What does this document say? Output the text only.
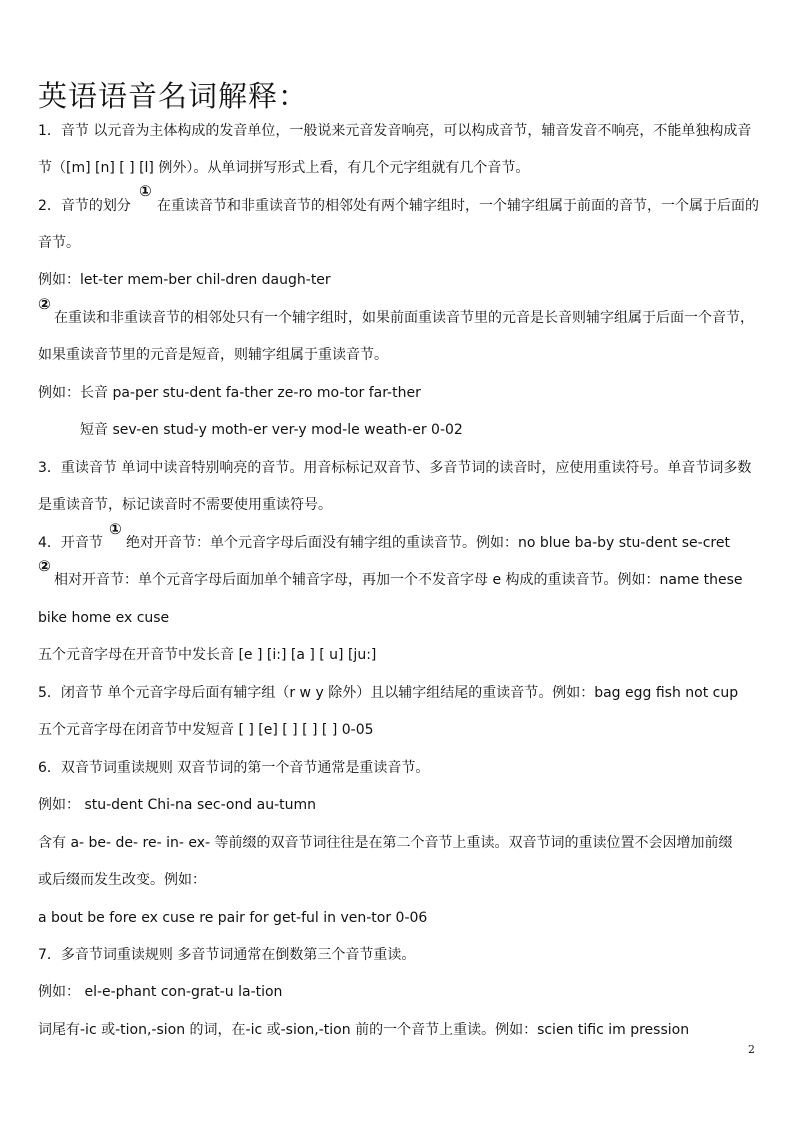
英语语音名词解释：
1．音节 以元音为主体构成的发音单位，一般说来元音发音响亮，可以构成音节，辅音发音不响亮，不能单独构成音
节（[m] [n] [ ] [l] 例外）。从单词拼写形式上看，有几个元字组就有几个音节。
2．音节的划分
①
在重读音节和非重读音节的相邻处有两个辅字组时，一个辅字组属于前面的音节，一个属于后面的
音节。
例如：let-ter mem-ber chil-dren daugh-ter
②
在重读和非重读音节的相邻处只有一个辅字组时，如果前面重读音节里的元音是长音则辅字组属于后面一个音节，
如果重读音节里的元音是短音，则辅字组属于重读音节。
例如：长音 pa-per stu-dent fa-ther ze-ro mo-tor far-ther
短音 sev-en stud-y moth-er ver-y mod-le weath-er 0-02
3．重读音节 单词中读音特别响亮的音节。用音标标记双音节、多音节词的读音时，应使用重读符号。单音节词多数
是重读音节，标记读音时不需要使用重读符号。
4．开音节
①
绝对开音节：单个元音字母后面没有辅字组的重读音节。例如：no blue ba-by stu-dent se-cret
②
相对开音节：单个元音字母后面加单个辅音字母，再加一个不发音字母 e 构成的重读音节。例如：name these
bike home ex cuse
五个元音字母在开音节中发长音 [e ] [i:] [a ] [ u] [ju:]
5．闭音节 单个元音字母后面有辅字组（r w y 除外）且以辅字组结尾的重读音节。例如：bag egg fish not cup
五个元音字母在闭音节中发短音 [ ] [e] [ ] [ ] [ ] 0-05
6．双音节词重读规则 双音节词的第一个音节通常是重读音节。
例如： stu-dent Chi-na sec-ond au-tumn
含有 a- be- de- re- in- ex- 等前缀的双音节词往往是在第二个音节上重读。双音节词的重读位置不会因增加前缀
或后缀而发生改变。例如：
a bout be fore ex cuse re pair for get-ful in ven-tor 0-06
7．多音节词重读规则 多音节词通常在倒数第三个音节重读。
例如： el-e-phant con-grat-u la-tion
词尾有-ic 或-tion,-sion 的词，在-ic 或-sion,-tion 前的一个音节上重读。例如：scien tific im pression
2
